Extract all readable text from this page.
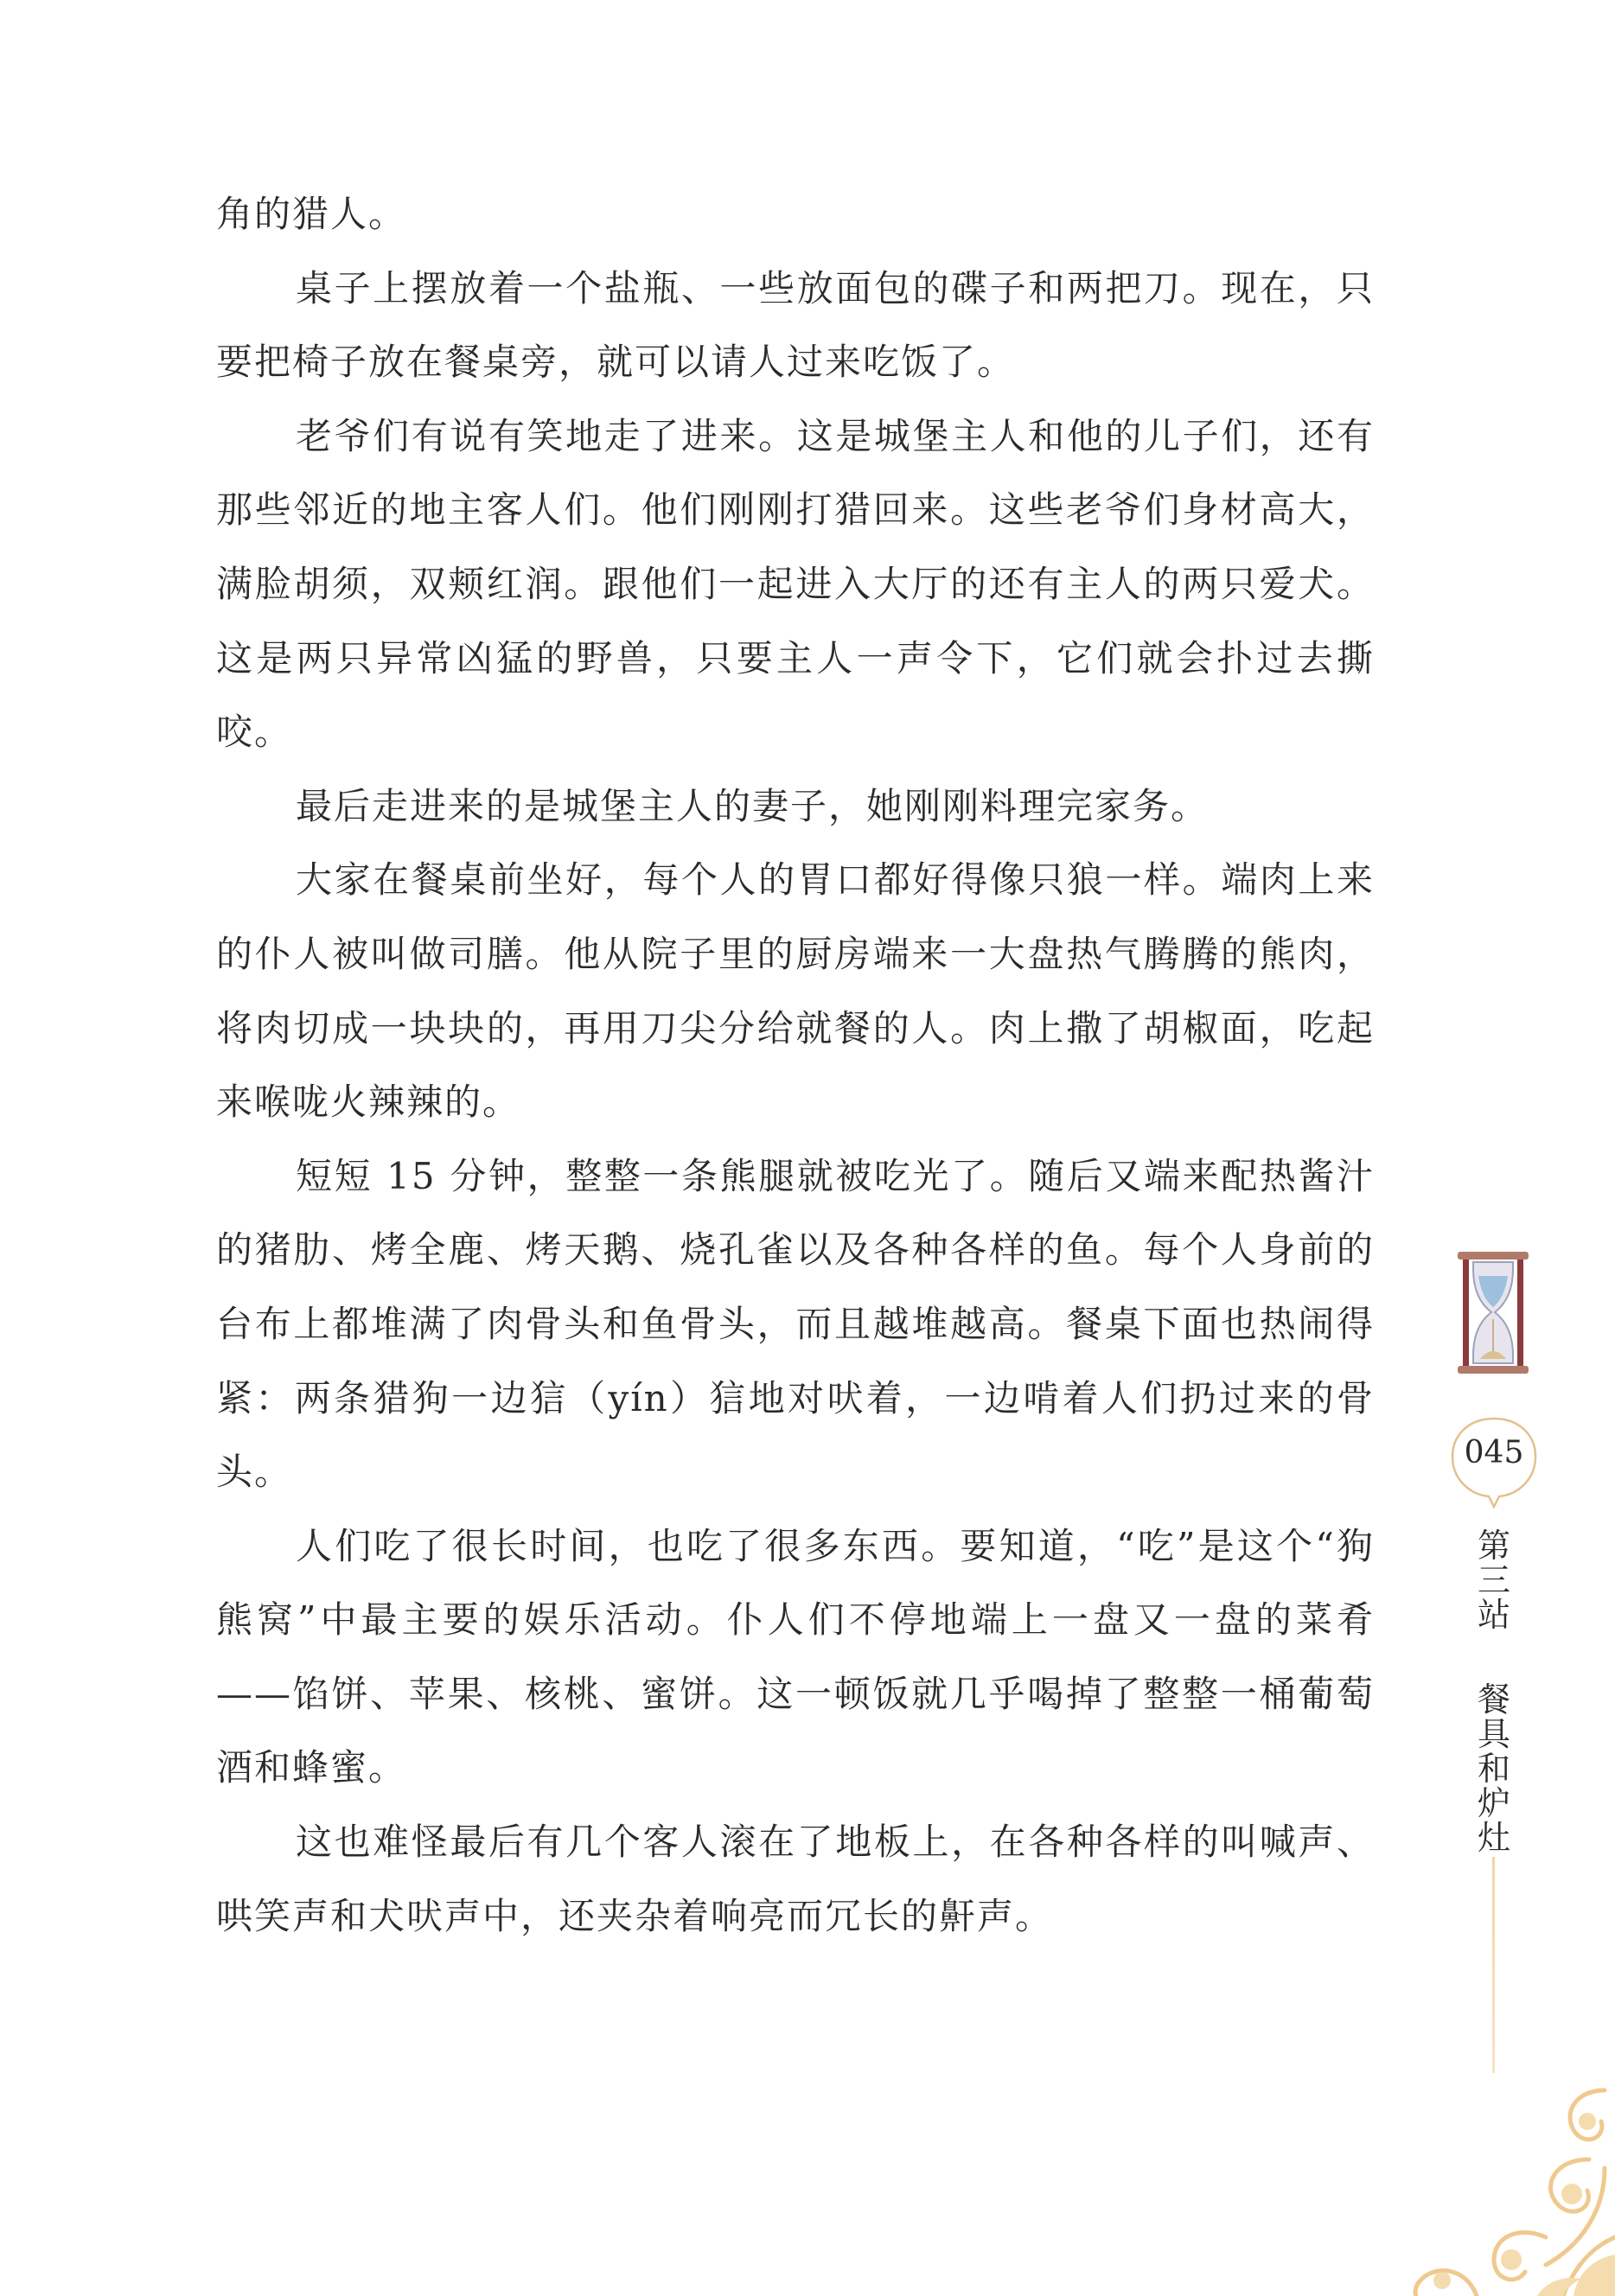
角的猎人。

桌子上摆放着一个盐瓶、一些放面包的碟子和两把刀。现在，只要把椅子放在餐桌旁，就可以请人过来吃饭了。

老爷们有说有笑地走了进来。这是城堡主人和他的儿子们，还有那些邻近的地主客人们。他们刚刚打猎回来。这些老爷们身材高大，满脸胡须，双颊红润。跟他们一起进入大厅的还有主人的两只爱犬。这是两只异常凶猛的野兽，只要主人一声令下，它们就会扑过去撕咬。

最后走进来的是城堡主人的妻子，她刚刚料理完家务。

大家在餐桌前坐好，每个人的胃口都好得像只狼一样。端肉上来的仆人被叫做司膳。他从院子里的厨房端来一大盘热气腾腾的熊肉，将肉切成一块块的，再用刀尖分给就餐的人。肉上撒了胡椒面，吃起来喉咙火辣辣的。

短短 15 分钟，整整一条熊腿就被吃光了。随后又端来配热酱汁的猪肋、烤全鹿、烤天鹅、烧孔雀以及各种各样的鱼。每个人身前的台布上都堆满了肉骨头和鱼骨头，而且越堆越高。餐桌下面也热闹得紧：两条猎狗一边狺（yín）狺地对吠着，一边啃着人们扔过来的骨头。

人们吃了很长时间，也吃了很多东西。要知道，“吃”是这个“狗熊窝”中最主要的娱乐活动。仆人们不停地端上一盘又一盘的菜肴——馅饼、苹果、核桃、蜜饼。这一顿饭就几乎喝掉了整整一桶葡萄酒和蜂蜜。

这也难怪最后有几个客人滚在了地板上，在各种各样的叫喊声、哄笑声和犬吠声中，还夹杂着响亮而冗长的鼾声。

045
第三站
餐具和炉灶
